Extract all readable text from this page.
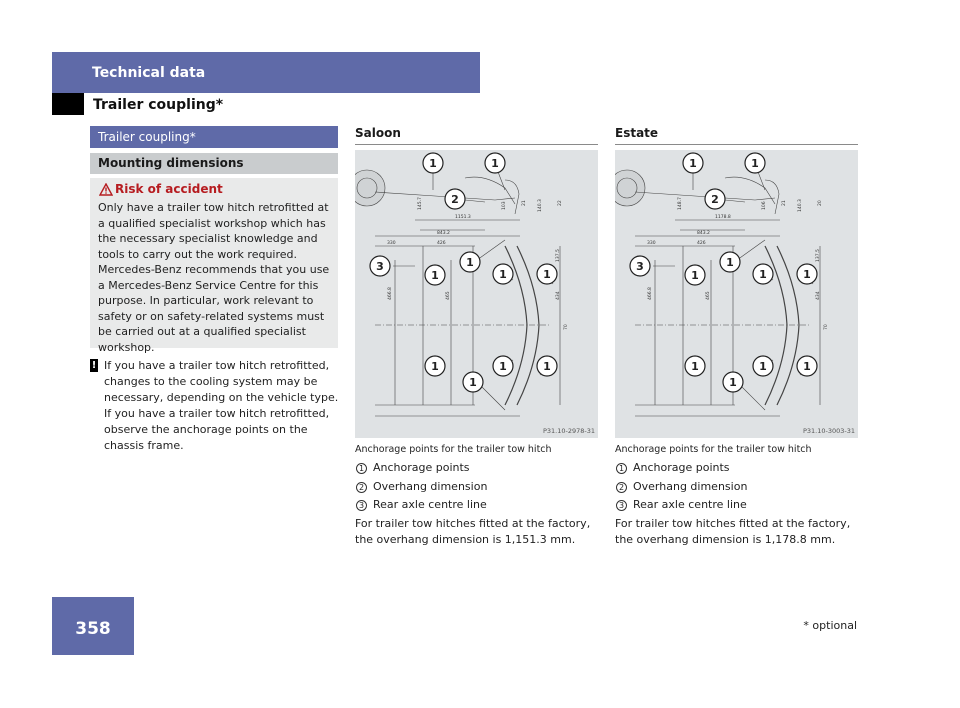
Technical data
Trailer coupling*
Trailer coupling*
Mounting dimensions
Risk of accident
Only have a trailer tow hitch retrofitted at a qualified specialist workshop which has the necessary specialist knowledge and tools to carry out the work required. Mercedes-Benz recommends that you use a Mercedes-Benz Service Centre for this purpose. In particular, work relevant to safety or on safety-related systems must be carried out at a qualified specialist workshop.
! If you have a trailer tow hitch retrofitted, changes to the cooling system may be necessary, depending on the vehicle type.

If you have a trailer tow hitch retrofitted, observe the anchorage points on the chassis frame.

Saloon
1	1
2
3
1
1
1	1
1	1	1
1
1151.3
843.2
330	426
466.8	465
137.5
434
70
145.7	103	21 140.3	22
P31.10-2978-31
Anchorage points for the trailer tow hitch
1 Anchorage points
2 Overhang dimension
3 Rear axle centre line
For trailer tow hitches fitted at the factory, the overhang dimension is 1,151.3 mm.
Estate
1	1
2
3
1
1
1	1
1	1	1
1
1178.8
843.2
330	426
466.8	465
137.5
434
70
148.7	106	21 140.3	20
P31.10-3003-31
Anchorage points for the trailer tow hitch
1 Anchorage points
2 Overhang dimension
3 Rear axle centre line
For trailer tow hitches fitted at the factory, the overhang dimension is 1,178.8 mm.
358	* optional
